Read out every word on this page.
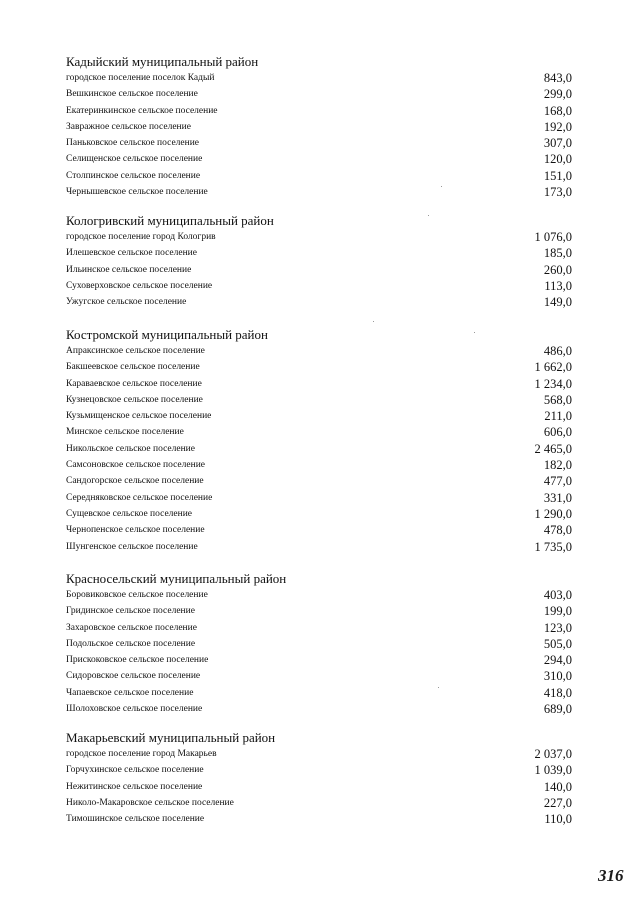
Кадыйский муниципальный район
городское поселение поселок Кадый	843,0
Вешкинское сельское поселение	299,0
Екатеринкинское сельское поселение	168,0
Завражное сельское поселение	192,0
Паньковское сельское поселение	307,0
Селищенское сельское поселение	120,0
Столпинское сельское поселение	151,0
Чернышевское сельское поселение	173,0
Кологривский муниципальный район
городское поселение город Кологрив	1 076,0
Илешевское сельское поселение	185,0
Ильинское сельское поселение	260,0
Суховерховское сельское поселение	113,0
Ужугское сельское поселение	149,0
Костромской муниципальный район
Апраксинское сельское поселение	486,0
Бакшеевское сельское поселение	1 662,0
Караваевское сельское поселение	1 234,0
Кузнецовское сельское поселение	568,0
Кузьмищенское сельское поселение	211,0
Минское сельское поселение	606,0
Никольское сельское поселение	2 465,0
Самсоновское сельское поселение	182,0
Сандогорское сельское поселение	477,0
Середняковское сельское поселение	331,0
Сущевское сельское поселение	1 290,0
Чернопенское сельское поселение	478,0
Шунгенское сельское поселение	1 735,0
Красносельский муниципальный район
Боровиковское сельское поселение	403,0
Гридинское сельское поселение	199,0
Захаровское сельское поселение	123,0
Подольское сельское поселение	505,0
Прискоковское сельское поселение	294,0
Сидоровское сельское поселение	310,0
Чапаевское сельское поселение	418,0
Шолоховское сельское поселение	689,0
Макарьевский муниципальный район
городское поселение город Макарьев	2 037,0
Горчухинское сельское поселение	1 039,0
Нежитинское сельское поселение	140,0
Николо-Макаровское сельское поселение	227,0
Тимошинское сельское поселение	110,0
316
